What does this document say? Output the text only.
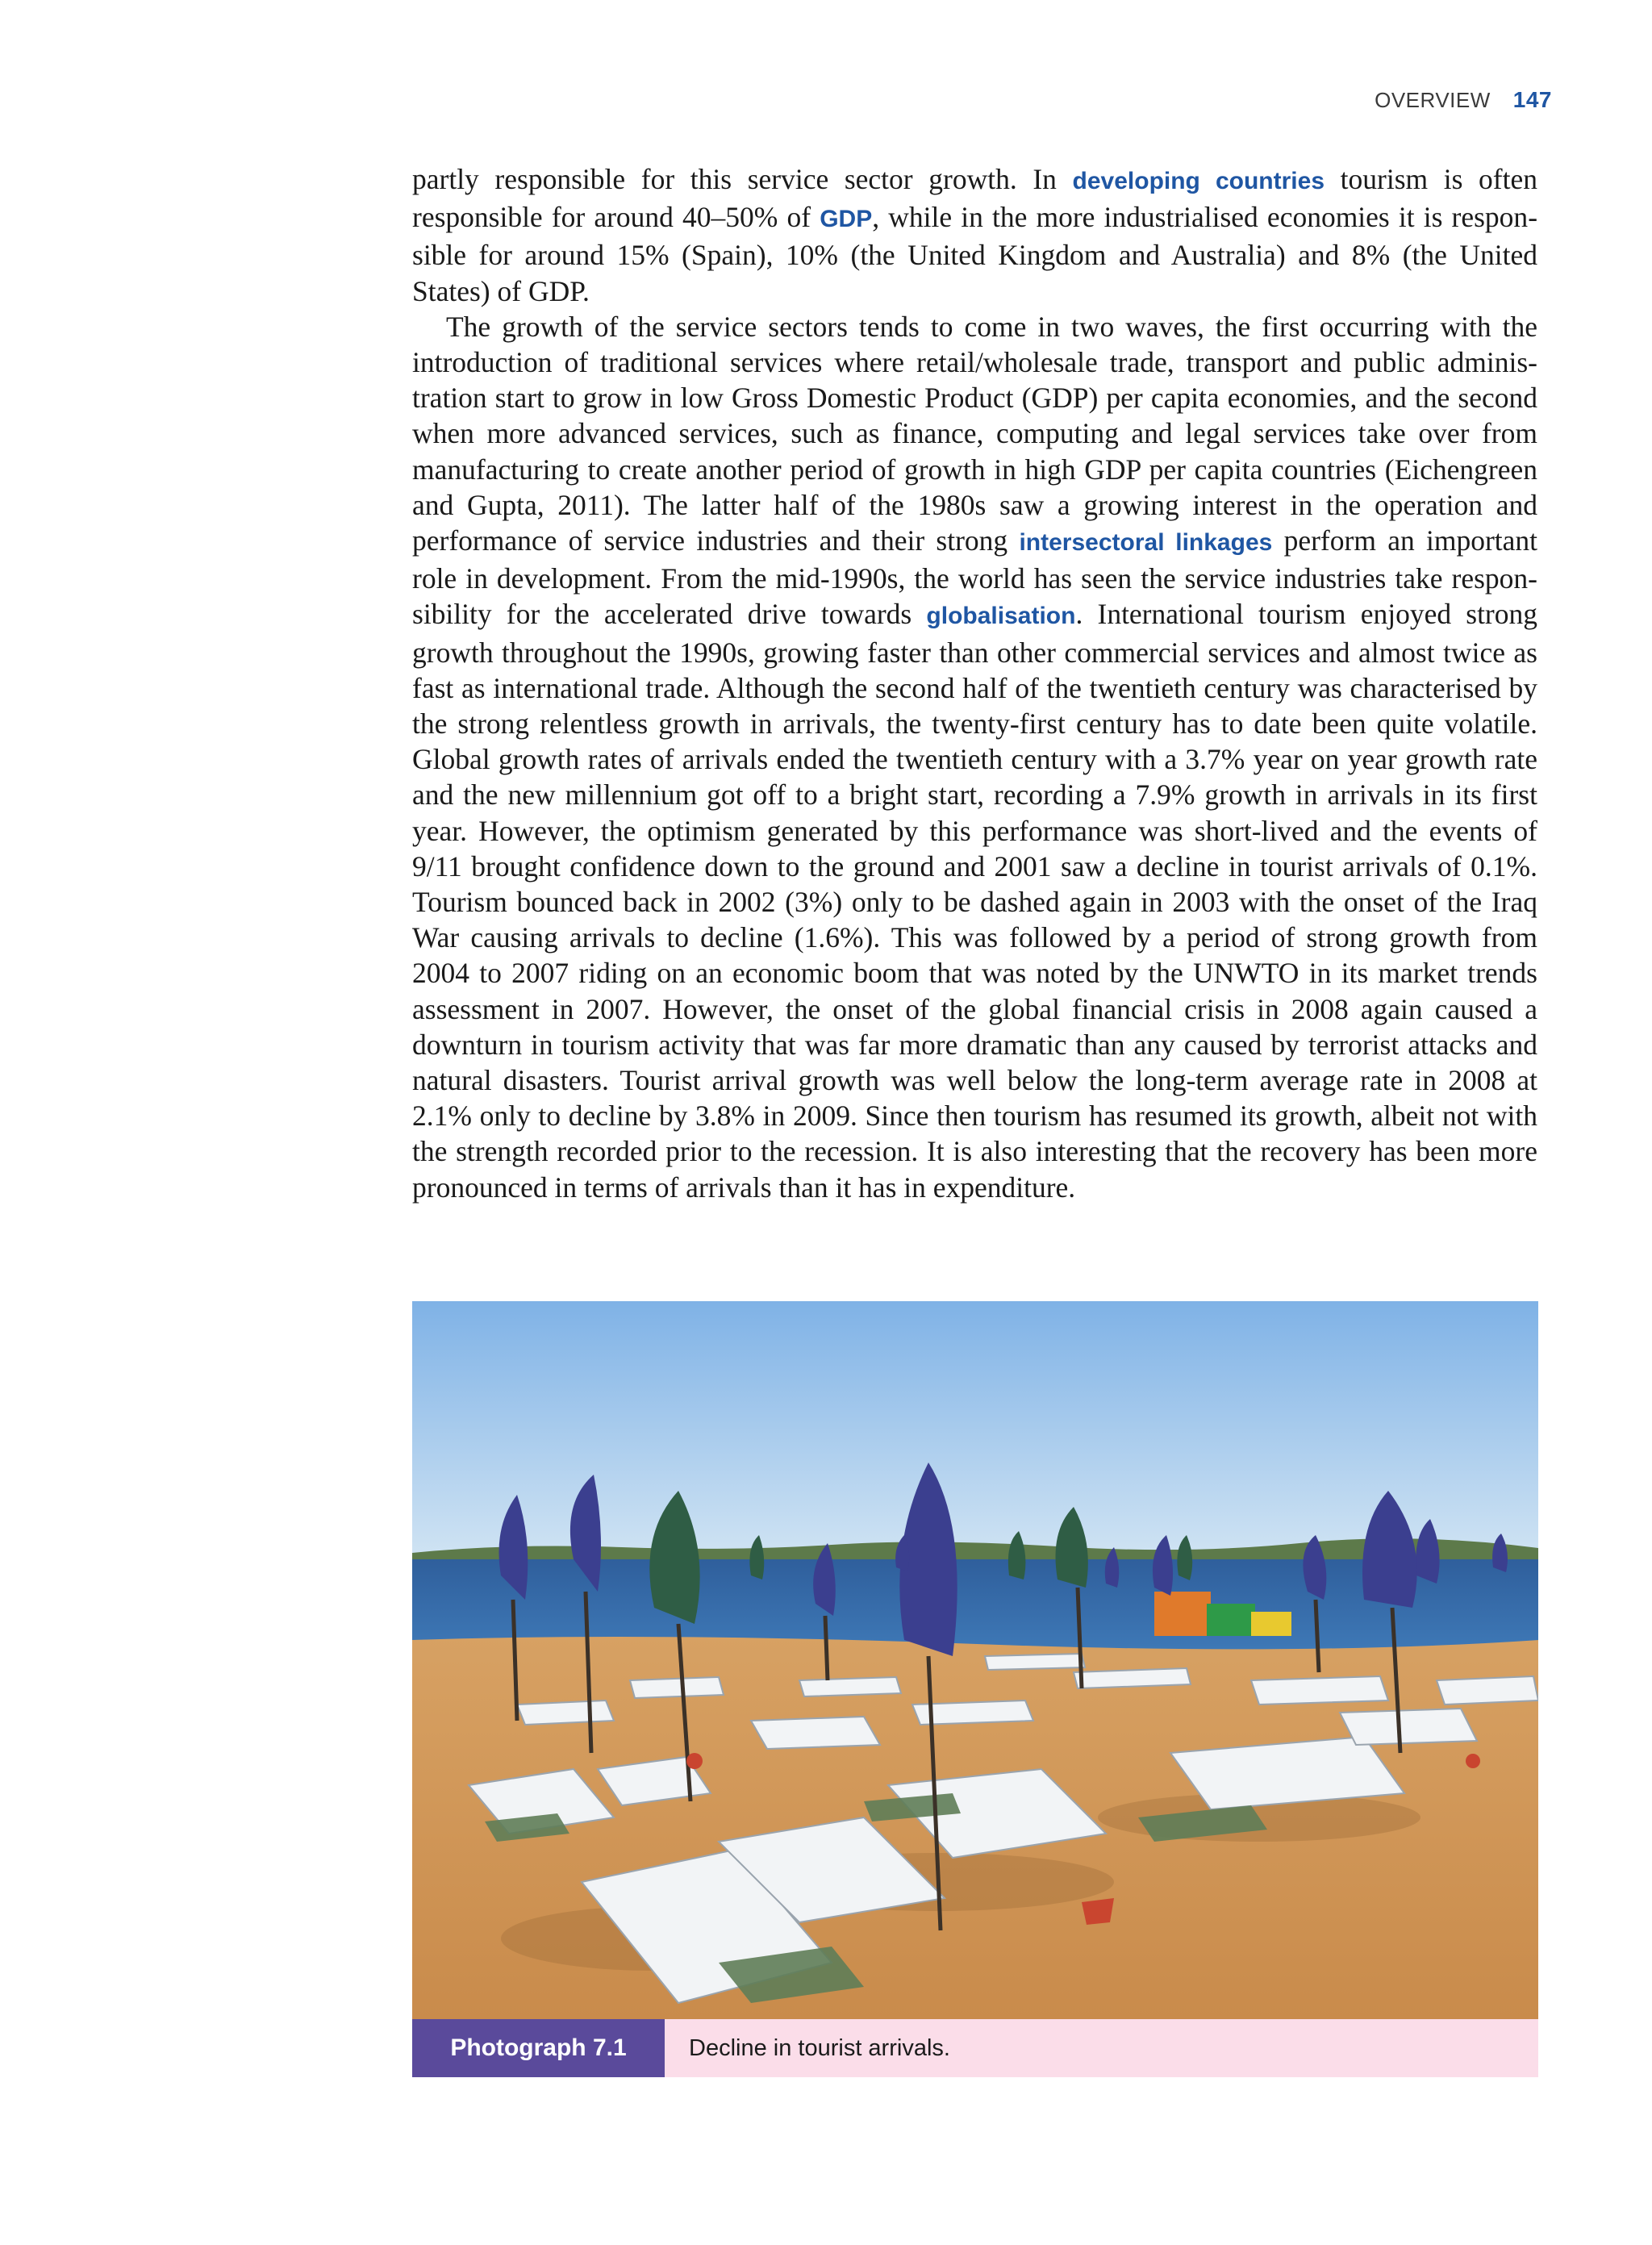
OVERVIEW 147

partly responsible for this service sector growth. In developing countries tourism is often responsible for around 40–50% of GDP, while in the more industrialised economies it is responsible for around 15% (Spain), 10% (the United Kingdom and Australia) and 8% (the United States) of GDP.

The growth of the service sectors tends to come in two waves, the first occurring with the introduction of traditional services where retail/wholesale trade, transport and public administration start to grow in low Gross Domestic Product (GDP) per capita economies, and the second when more advanced services, such as finance, computing and legal services take over from manufacturing to create another period of growth in high GDP per capita countries (Eichengreen and Gupta, 2011). The latter half of the 1980s saw a growing interest in the operation and performance of service industries and their strong intersectoral linkages perform an important role in development. From the mid-1990s, the world has seen the service industries take responsibility for the accelerated drive towards globalisation. International tourism enjoyed strong growth throughout the 1990s, growing faster than other commercial services and almost twice as fast as international trade. Although the second half of the twentieth century was characterised by the strong relentless growth in arrivals, the twenty-first century has to date been quite volatile. Global growth rates of arrivals ended the twentieth century with a 3.7% year on year growth rate and the new millennium got off to a bright start, recording a 7.9% growth in arrivals in its first year. However, the optimism generated by this performance was short-lived and the events of 9/11 brought confidence down to the ground and 2001 saw a decline in tourist arrivals of 0.1%. Tourism bounced back in 2002 (3%) only to be dashed again in 2003 with the onset of the Iraq War causing arrivals to decline (1.6%). This was followed by a period of strong growth from 2004 to 2007 riding on an economic boom that was noted by the UNWTO in its market trends assessment in 2007. However, the onset of the global financial crisis in 2008 again caused a downturn in tourism activity that was far more dramatic than any caused by terrorist attacks and natural disasters. Tourist arrival growth was well below the long-term average rate in 2008 at 2.1% only to decline by 3.8% in 2009. Since then tourism has resumed its growth, albeit not with the strength recorded prior to the recession. It is also interesting that the recovery has been more pronounced in terms of arrivals than it has in expenditure.

Photograph 7.1	Decline in tourist arrivals.
